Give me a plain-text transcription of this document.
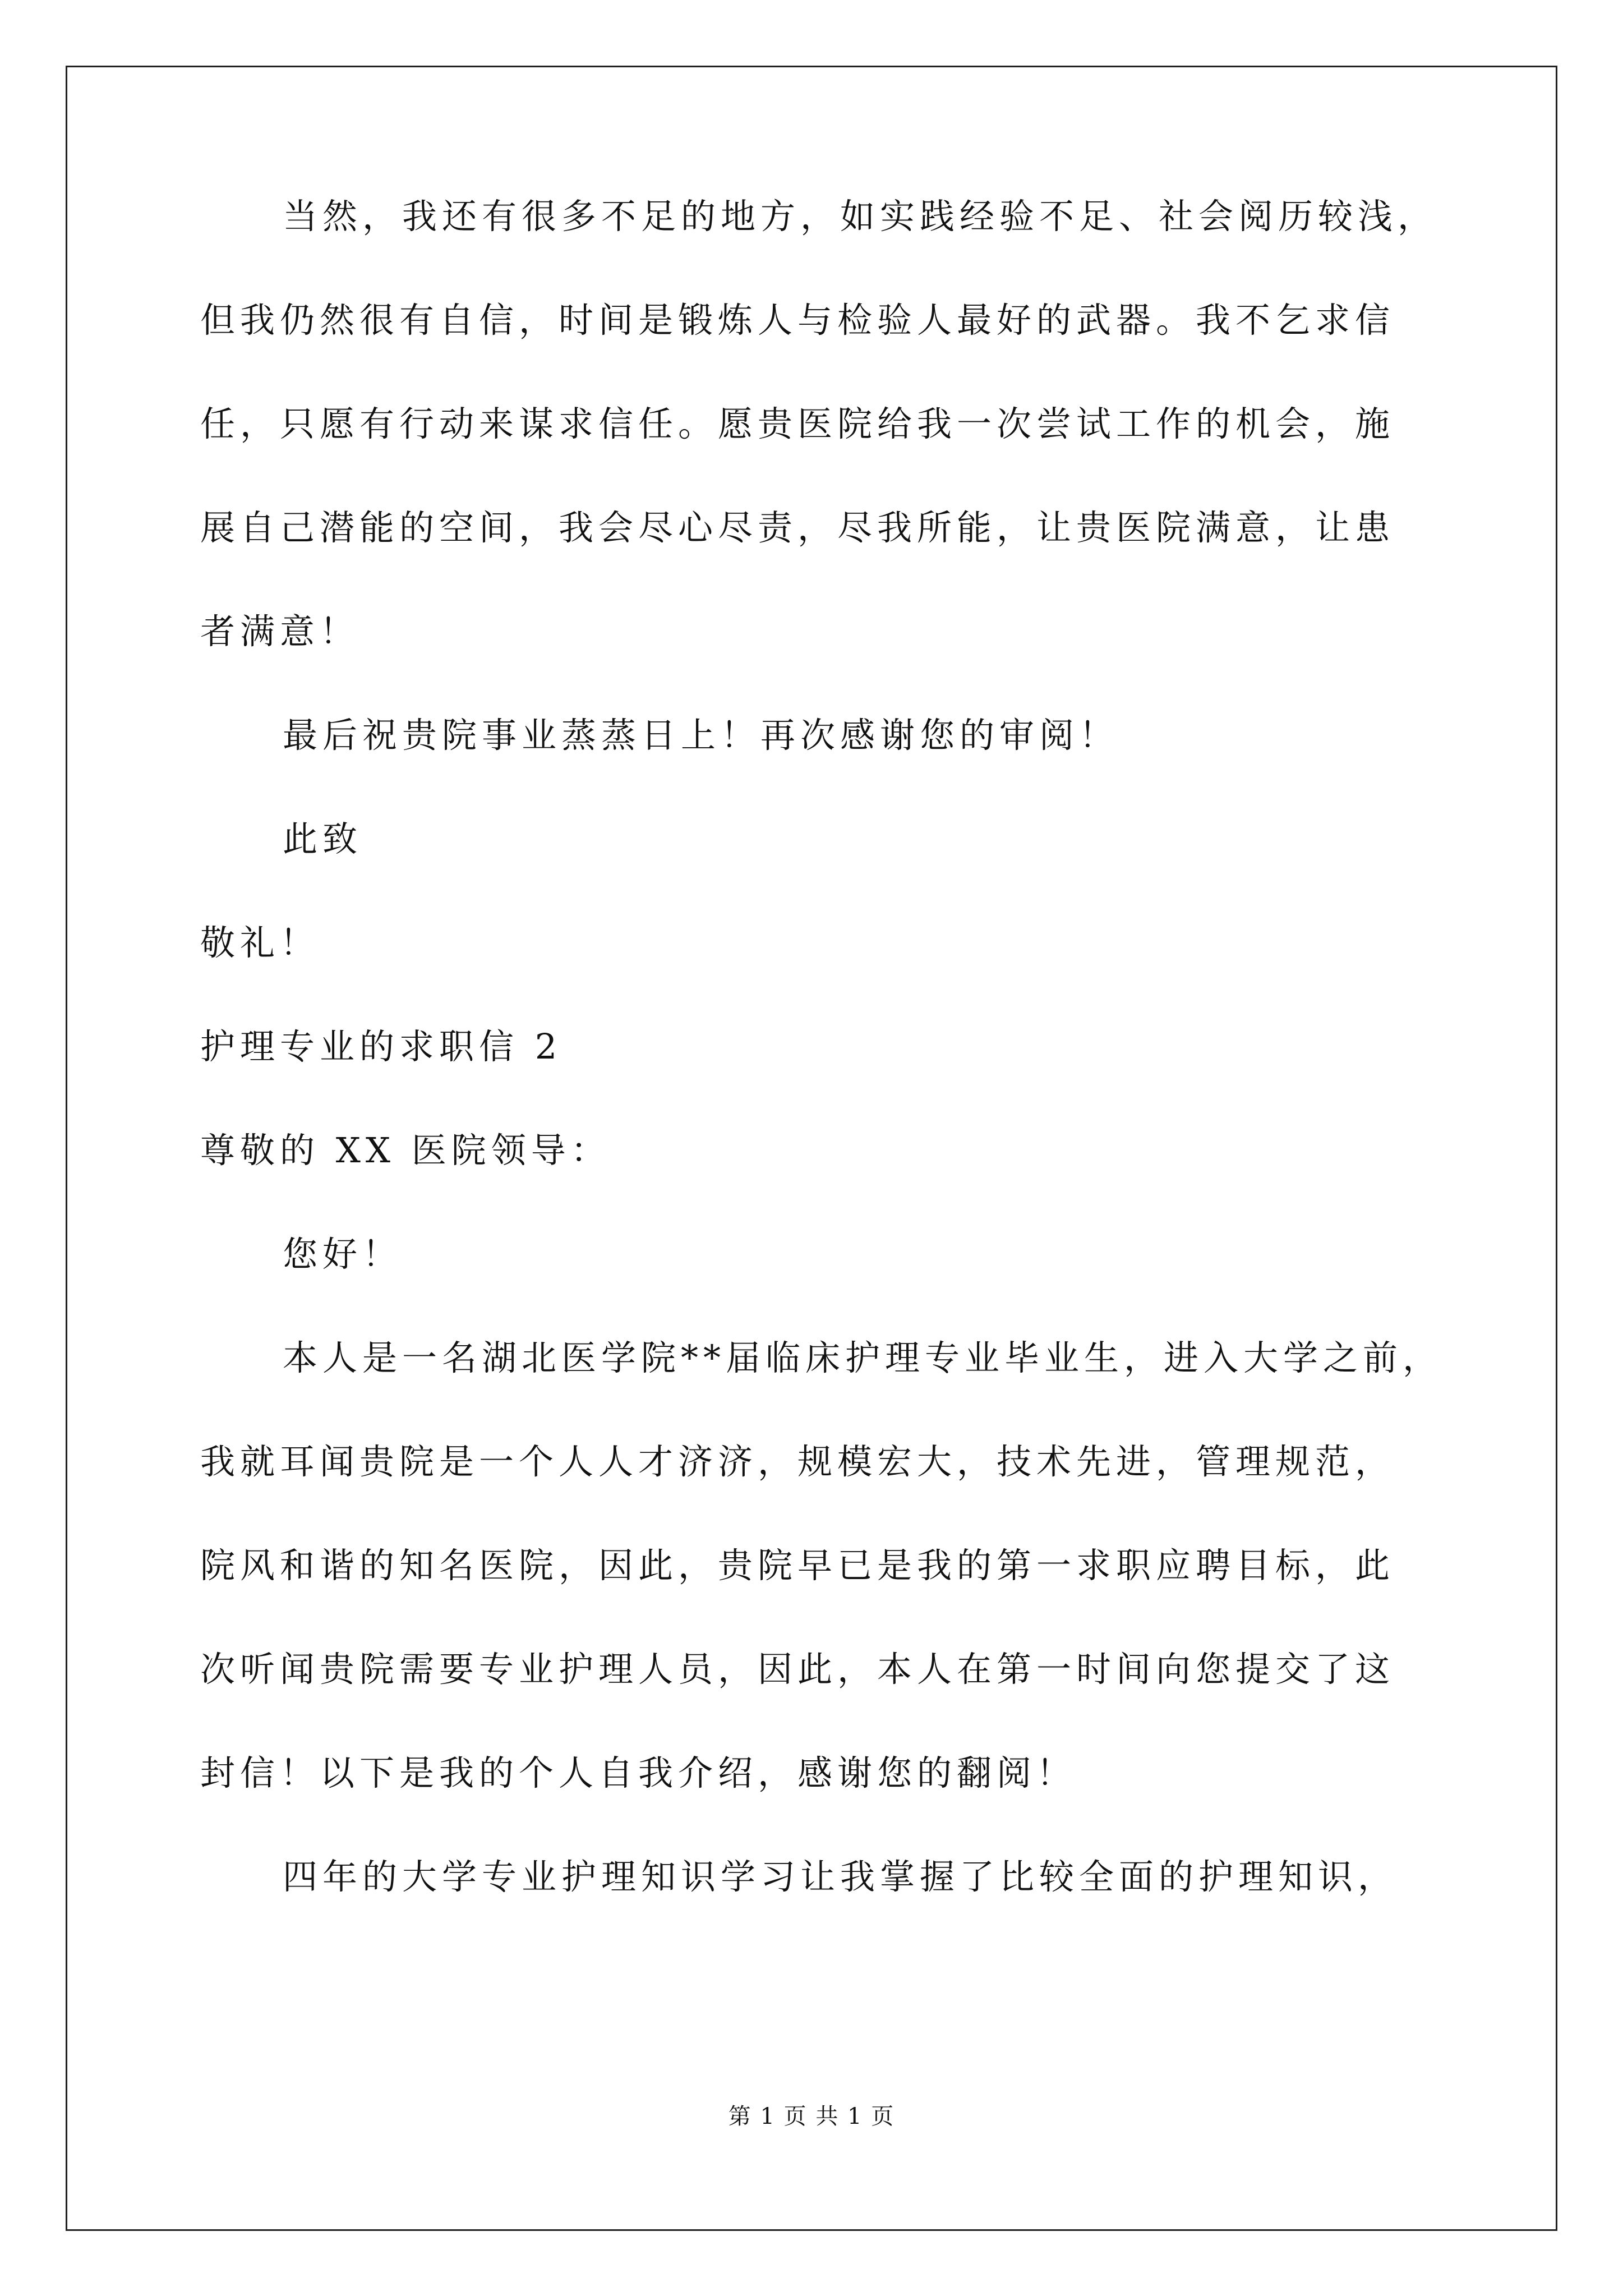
当然，我还有很多不足的地方，如实践经验不足、社会阅历较浅，
但我仍然很有自信，时间是锻炼人与检验人最好的武器。我不乞求信
任，只愿有行动来谋求信任。愿贵医院给我一次尝试工作的机会，施
展自己潜能的空间，我会尽心尽责，尽我所能，让贵医院满意，让患
者满意！
最后祝贵院事业蒸蒸日上！再次感谢您的审阅！
此致
敬礼！
护理专业的求职信 2
尊敬的 XX 医院领导：
您好！
本人是一名湖北医学院**届临床护理专业毕业生，进入大学之前，
我就耳闻贵院是一个人人才济济，规模宏大，技术先进，管理规范，
院风和谐的知名医院，因此，贵院早已是我的第一求职应聘目标，此
次听闻贵院需要专业护理人员，因此，本人在第一时间向您提交了这
封信！以下是我的个人自我介绍，感谢您的翻阅！
四年的大学专业护理知识学习让我掌握了比较全面的护理知识，
第 1 页 共 1 页
